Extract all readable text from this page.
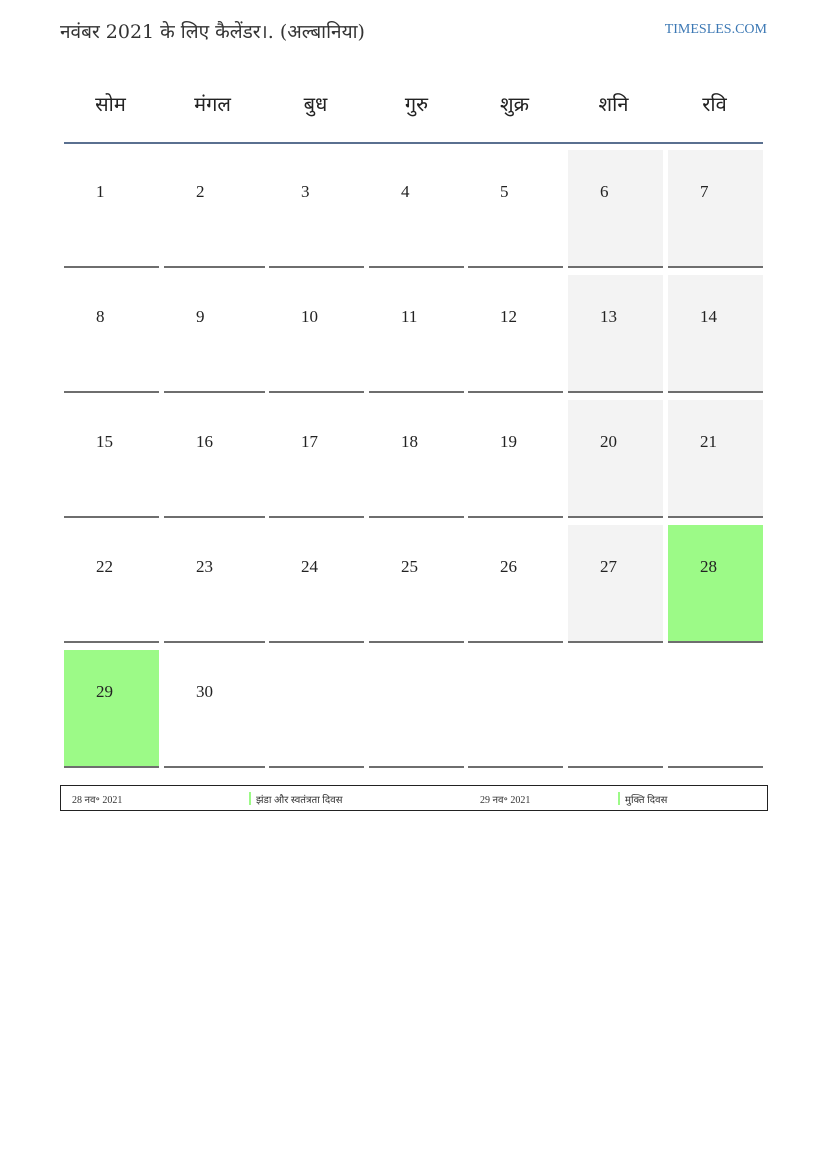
नवंबर 2021 के लिए कैलेंडर।. (अल्बानिया)	TIMESLES.COM
सोम	मंगल	बुध	गुरु	शुक्र	शनि	रवि
1	2	3	4	5	6	7
8	9	10	11	12	13	14
15	16	17	18	19	20	21
22	23	24	25	26	27	28
29	30
28 नव॰ 2021	झंडा और स्वतंत्रता दिवस	29 नव॰ 2021	मुक्ति दिवस
